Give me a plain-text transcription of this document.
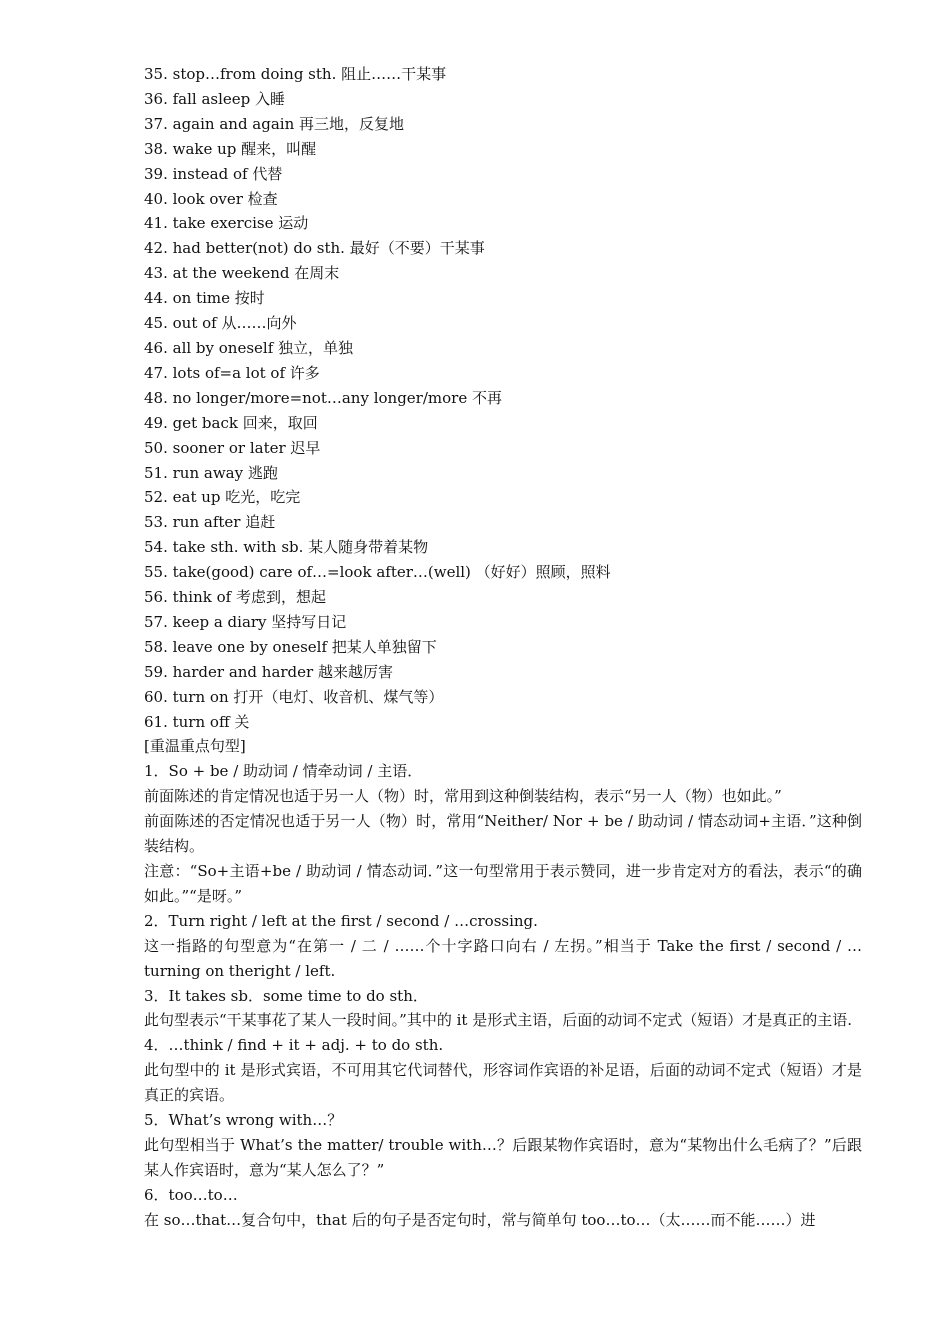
35. stop…from doing sth. 阻止……干某事
36. fall asleep 入睡
37. again and again 再三地，反复地
38. wake up 醒来，叫醒
39. instead of 代替
40. look over 检查
41. take exercise 运动
42. had better(not) do sth. 最好（不要）干某事
43. at the weekend 在周末
44. on time 按时
45. out of 从……向外
46. all by oneself 独立，单独
47. lots of=a lot of 许多
48. no longer/more=not…any longer/more 不再
49. get back 回来，取回
50. sooner or later 迟早
51. run away 逃跑
52. eat up 吃光，吃完
53. run after 追赶
54. take sth. with sb. 某人随身带着某物
55. take(good) care of…=look after…(well) （好好）照顾，照料
56. think of 考虑到，想起
57. keep a diary 坚持写日记
58. leave one by oneself 把某人单独留下
59. harder and harder 越来越厉害
60. turn on 打开（电灯、收音机、煤气等）
61. turn off 关
[重温重点句型]
1．So + be / 助动词 / 情牵动词 / 主语．
前面陈述的肯定情况也适于另一人（物）时，常用到这种倒装结构，表示“另一人（物）也如此。”
前面陈述的否定情况也适于另一人（物）时，常用“Neither/ Nor + be / 助动词 / 情态动词+主语．”这种倒装结构。
注意：“So+主语+be / 助动词 / 情态动词．”这一句型常用于表示赞同，进一步肯定对方的看法，表示“的确如此。”“是呀。”
2．Turn right / left at the first / second / …crossing.
这一指路的句型意为“在第一 / 二 / ……个十字路口向右 / 左拐。”相当于 Take the first / second / …turning on theright / left.
3．It takes sb．some time to do sth．
此句型表示“干某事花了某人一段时间。”其中的 it 是形式主语，后面的动词不定式（短语）才是真正的主语.
4．…think / find + it + adj. + to do sth.
此句型中的 it 是形式宾语，不可用其它代词替代，形容词作宾语的补足语，后面的动词不定式（短语）才是真正的宾语。
5．What’s wrong with…？
此句型相当于 What’s the matter/ trouble with…？后跟某物作宾语时，意为“某物出什么毛病了？”后跟某人作宾语时，意为“某人怎么了？”
6．too…to…
在 so…that…复合句中，that 后的句子是否定句时，常与简单句 too…to…（太……而不能……）进
